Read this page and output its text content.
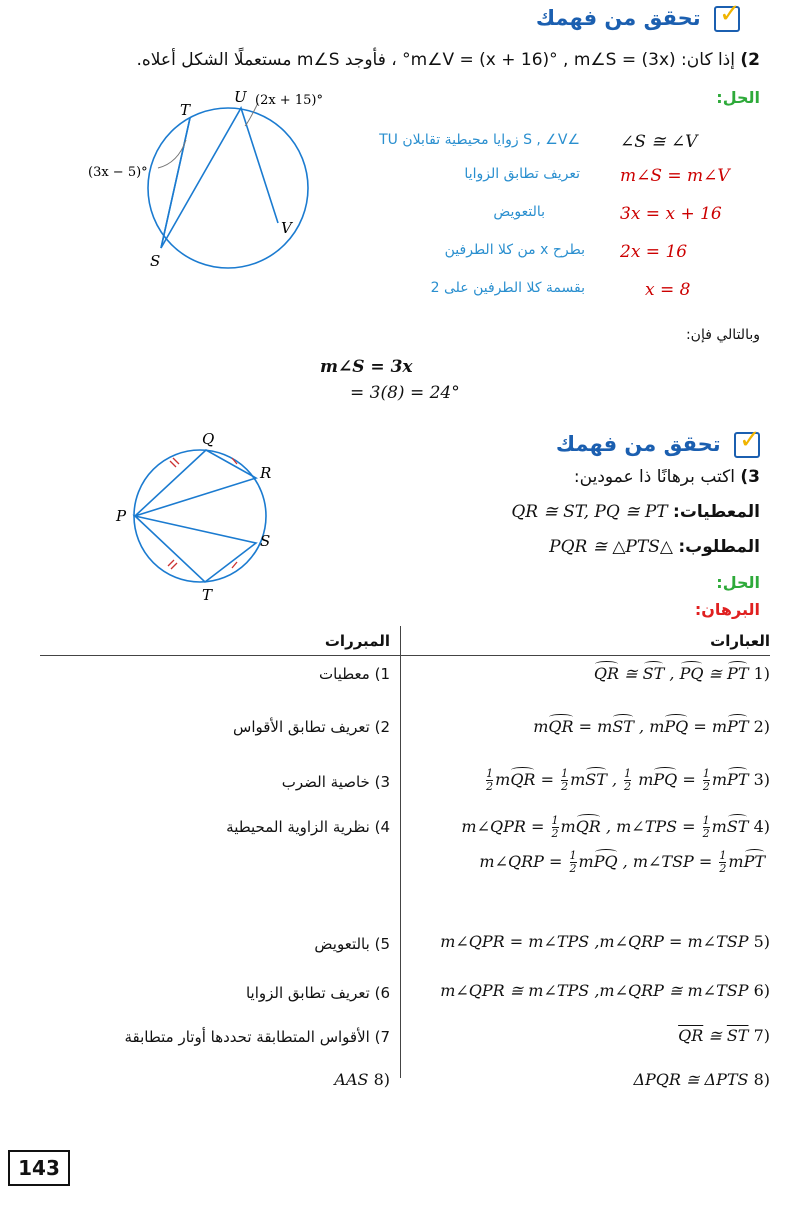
✓ تحقق من فهمك
2) إذا كان: m∠V = (x + 16)° , m∠S = (3x)° ، فأوجد m∠S مستعملًا الشكل أعلاه.
الحل:
T
U
V
S
(3x − 5)°
(2x + 15)°
∠S ≅ ∠V
∠S , ∠V زوايا محيطية تقابلان TU
m∠S = m∠V
تعريف تطابق الزوايا
3x = x + 16
بالتعويض
2x = 16
بطرح x من كلا الطرفين
x = 8
بقسمة كلا الطرفين على 2
وبالتالي فإن:
m∠S = 3x
= 3(8) = 24°
✓ تحقق من فهمك
3) اكتب برهانًا ذا عمودين:
المعطيات: QR ≅ ST, PQ ≅ PT
المطلوب: △PQR ≅ △PTS
الحل:
البرهان:
Q
R
S
T
P
العبارات
المبررات
QR ≅ ST , PQ ≅ PT 1)
1) معطيات
mQR = mST , mPQ = mPT 2)
2) تعريف تطابق الأقواس
$\frac{1}{2}$ mQR = $\frac{1}{2}$ mST , $\frac{1}{2}$ mPQ = $\frac{1}{2}$ mPT 3)
3) خاصية الضرب
m∠QPR = $\frac{1}{2}$ mQR , m∠TPS = $\frac{1}{2}$ mST 4)
m∠QRP = $\frac{1}{2}$ mPQ , m∠TSP = $\frac{1}{2}$ mPT
4) نظرية الزاوية المحيطية
m∠QPR = m∠TPS ,m∠QRP = m∠TSP 5)
5) بالتعويض
m∠QPR ≅ m∠TPS ,m∠QRP ≅ m∠TSP 6)
6) تعريف تطابق الزوايا
$\overline{QR}$ ≅ $\overline{ST}$ 7)
7) الأقواس المتطابقة تحددها أوتار متطابقة
ΔPQR ≅ ΔPTS 8)
AAS 8)
143
